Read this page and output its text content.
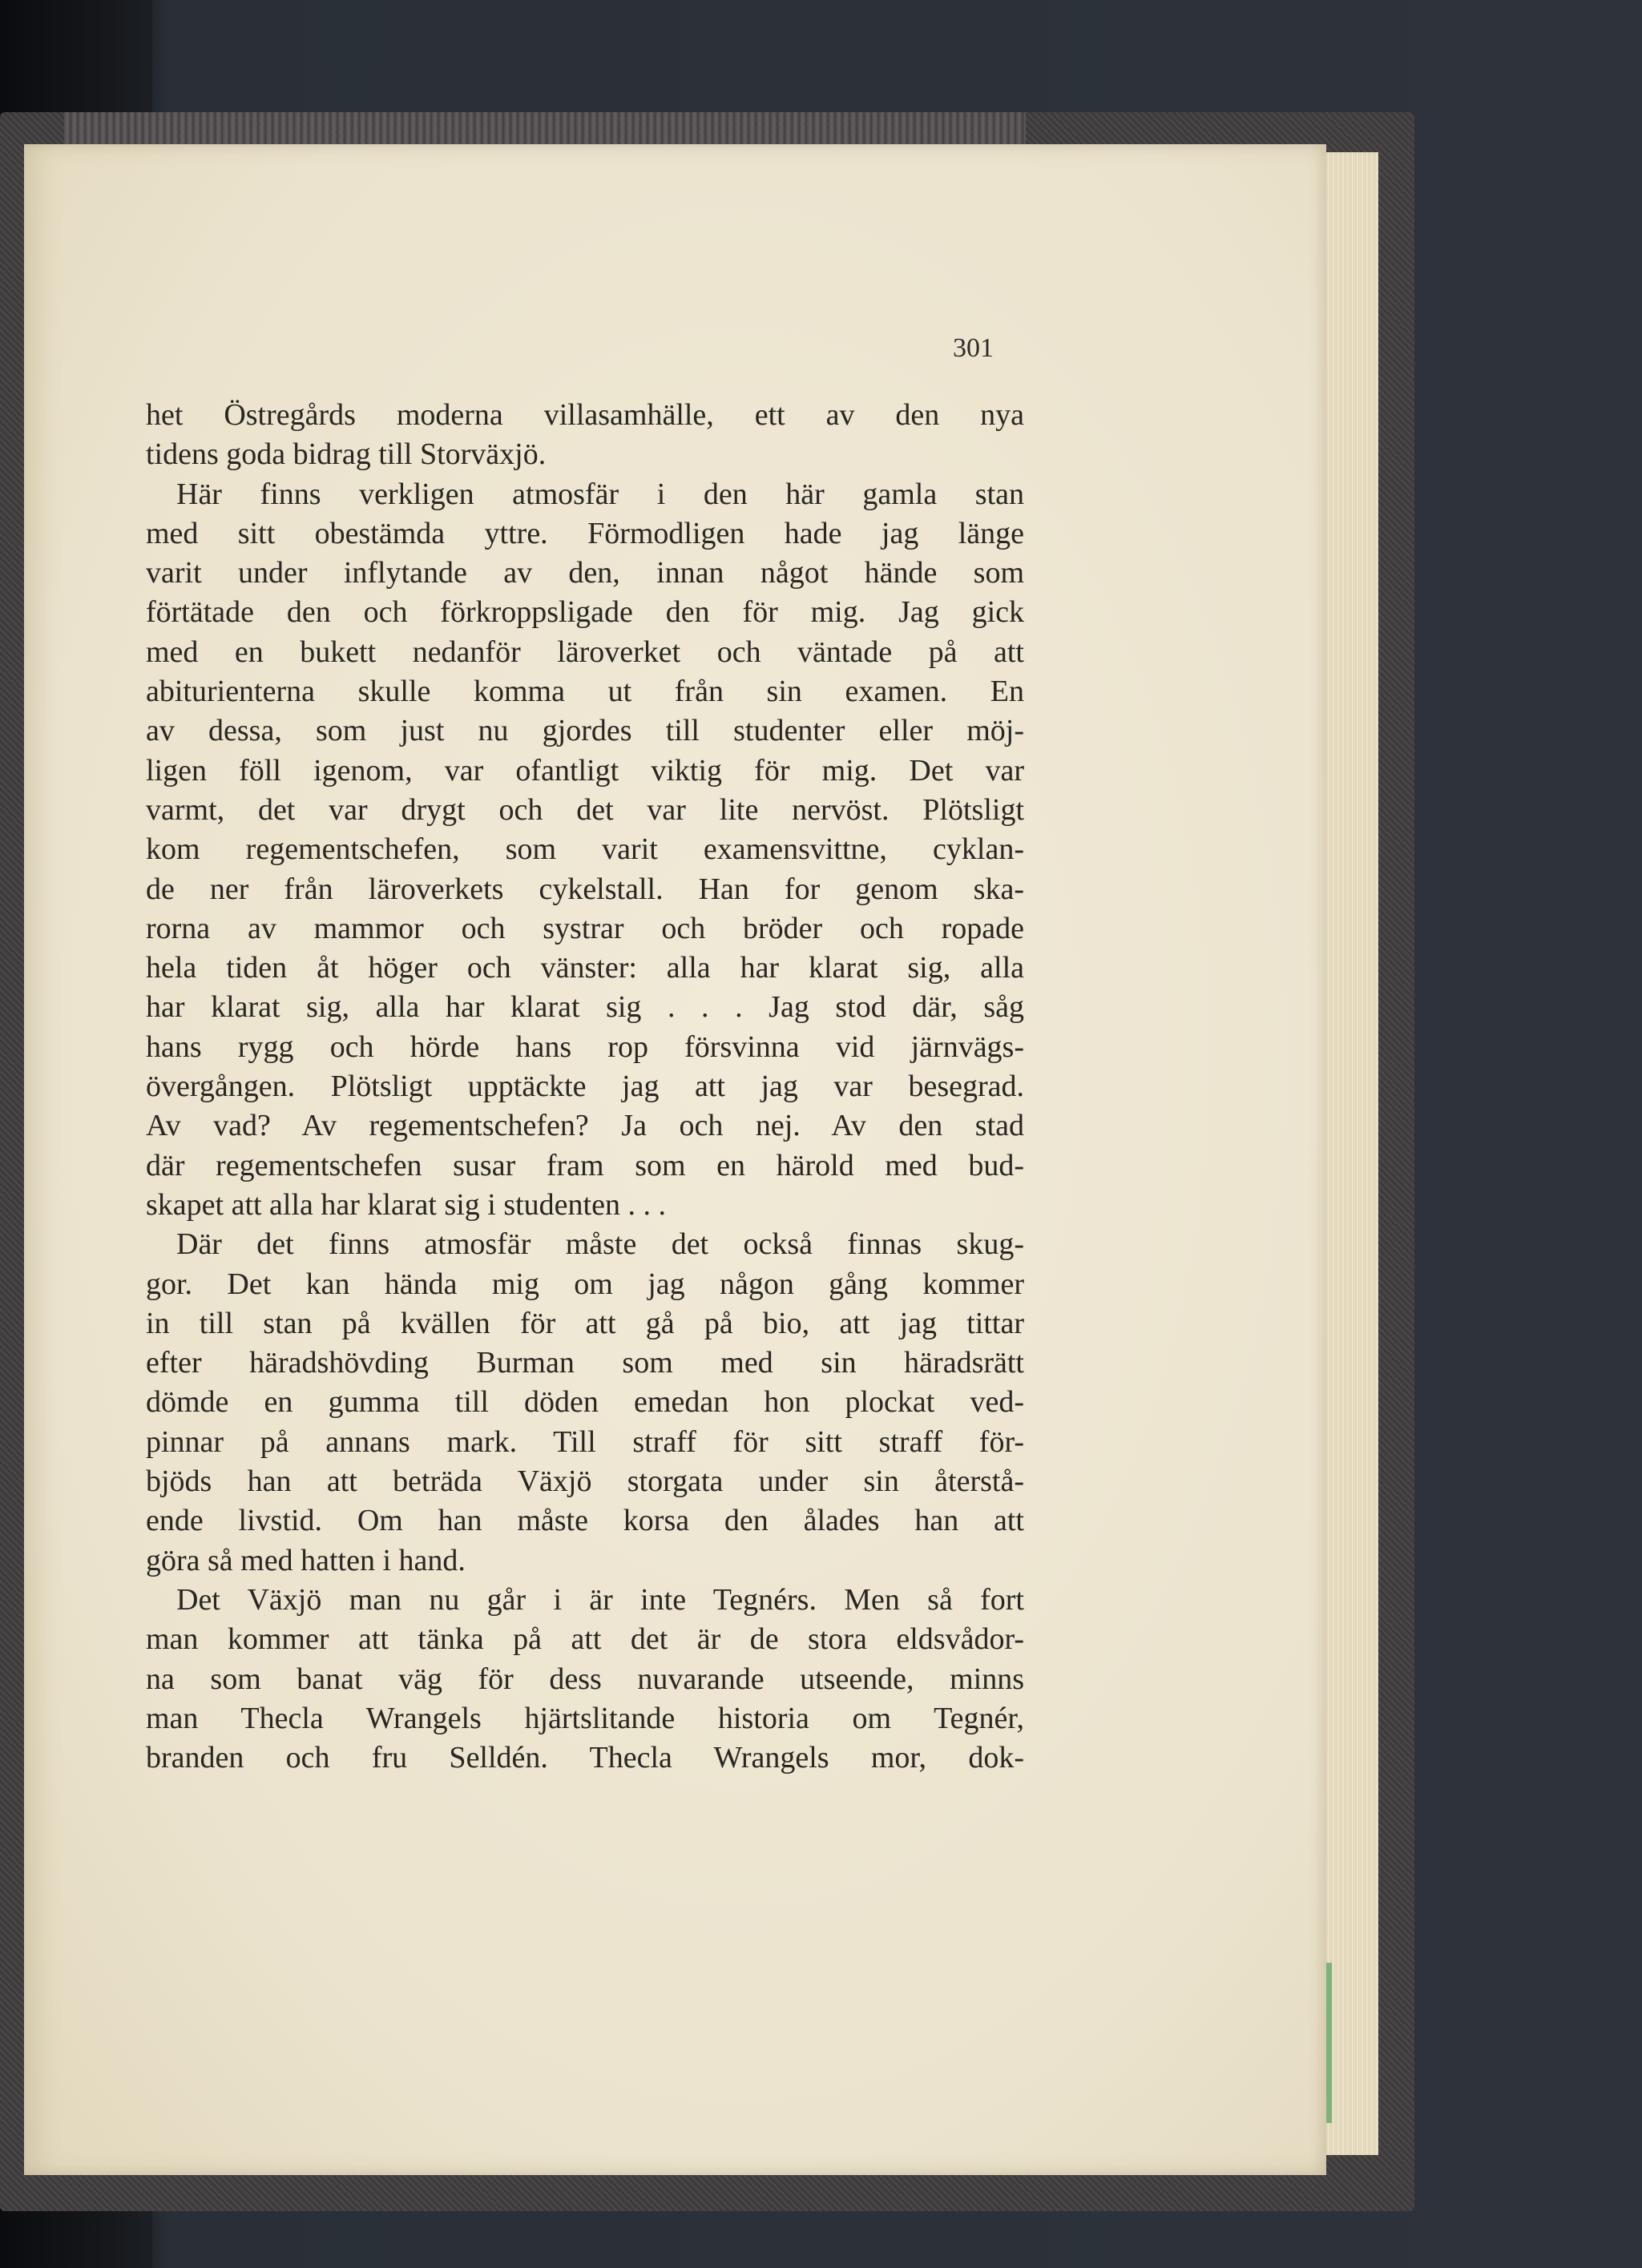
301
het Östregårds moderna villasamhälle, ett av den nya
tidens goda bidrag till Storväxjö.
Här finns verkligen atmosfär i den här gamla stan
med sitt obestämda yttre. Förmodligen hade jag länge
varit under inflytande av den, innan något hände som
förtätade den och förkroppsligade den för mig. Jag gick
med en bukett nedanför läroverket och väntade på att
abiturienterna skulle komma ut från sin examen. En
av dessa, som just nu gjordes till studenter eller möj-
ligen föll igenom, var ofantligt viktig för mig. Det var
varmt, det var drygt och det var lite nervöst. Plötsligt
kom regementschefen, som varit examensvittne, cyklan-
de ner från läroverkets cykelstall. Han for genom ska-
rorna av mammor och systrar och bröder och ropade
hela tiden åt höger och vänster: alla har klarat sig, alla
har klarat sig, alla har klarat sig . . . Jag stod där, såg
hans rygg och hörde hans rop försvinna vid järnvägs-
övergången. Plötsligt upptäckte jag att jag var besegrad.
Av vad? Av regementschefen? Ja och nej. Av den stad
där regementschefen susar fram som en härold med bud-
skapet att alla har klarat sig i studenten . . .
Där det finns atmosfär måste det också finnas skug-
gor. Det kan hända mig om jag någon gång kommer
in till stan på kvällen för att gå på bio, att jag tittar
efter häradshövding Burman som med sin häradsrätt
dömde en gumma till döden emedan hon plockat ved-
pinnar på annans mark. Till straff för sitt straff för-
bjöds han att beträda Växjö storgata under sin återstå-
ende livstid. Om han måste korsa den ålades han att
göra så med hatten i hand.
Det Växjö man nu går i är inte Tegnérs. Men så fort
man kommer att tänka på att det är de stora eldsvådor-
na som banat väg för dess nuvarande utseende, minns
man Thecla Wrangels hjärtslitande historia om Tegnér,
branden och fru Selldén. Thecla Wrangels mor, dok-
